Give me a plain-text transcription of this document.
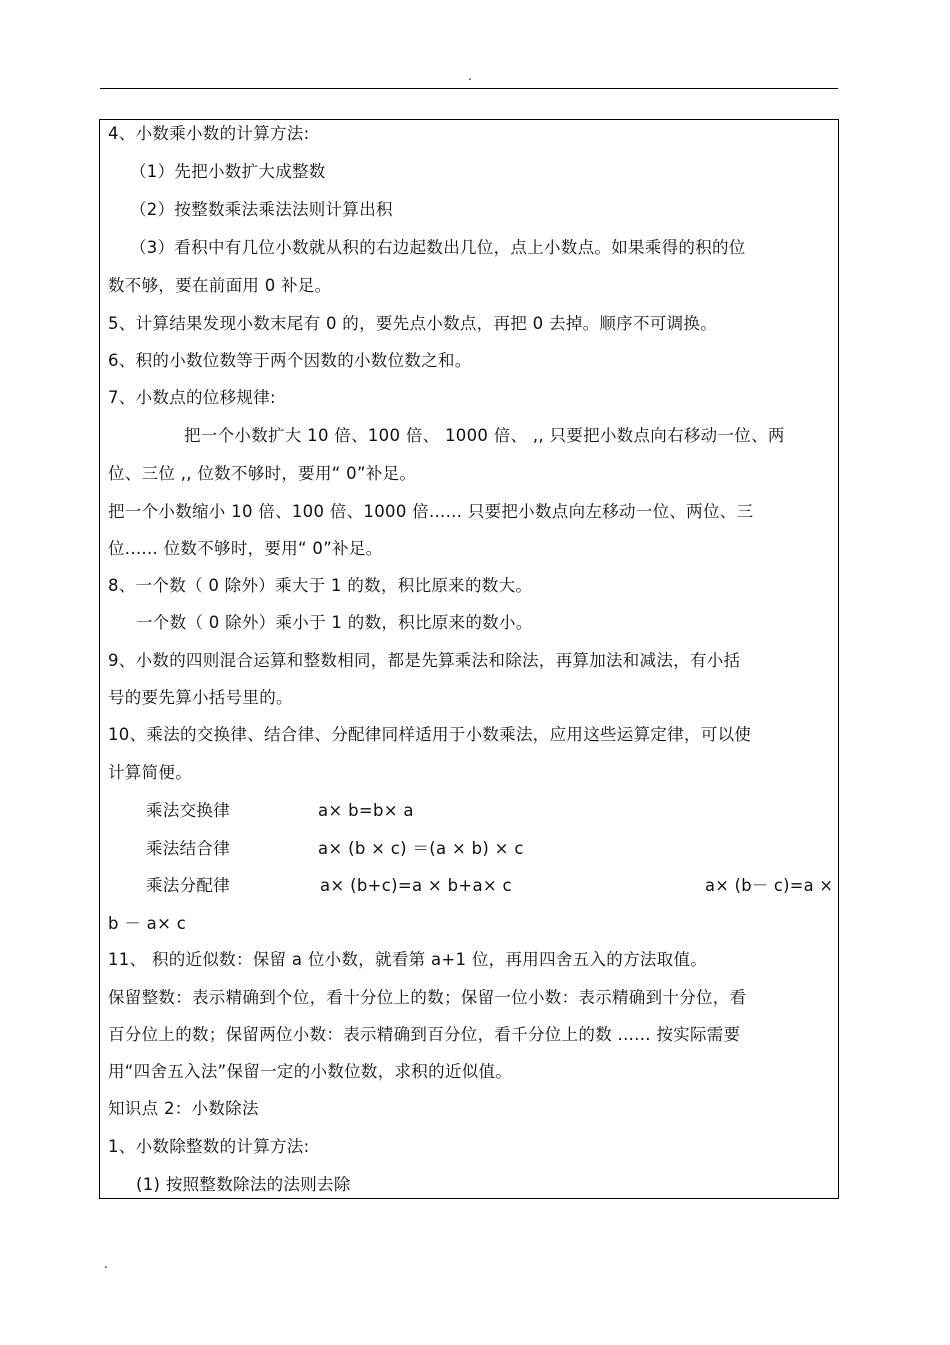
.
4、小数乘小数的计算方法:
（1）先把小数扩大成整数
（2）按整数乘法乘法法则计算出积
（3）看积中有几位小数就从积的右边起数出几位，点上小数点。如果乘得的积的位
数不够，要在前面用 0 补足。
5、计算结果发现小数末尾有 0 的，要先点小数点，再把 0 去掉。顺序不可调换。
6、积的小数位数等于两个因数的小数位数之和。
7、小数点的位移规律:
把一个小数扩大 10 倍、100 倍、 1000 倍、 ,, 只要把小数点向右移动一位、两
位、三位 ,, 位数不够时，要用“ 0”补足。
把一个小数缩小 10 倍、100 倍、1000 倍...... 只要把小数点向左移动一位、两位、三
位...... 位数不够时，要用“ 0”补足。
8、一个数（ 0 除外）乘大于 1 的数，积比原来的数大。
一个数（ 0 除外）乘小于 1 的数，积比原来的数小。
9、小数的四则混合运算和整数相同，都是先算乘法和除法，再算加法和减法，有小括
号的要先算小括号里的。
10、乘法的交换律、结合律、分配律同样适用于小数乘法，应用这些运算定律，可以使
计算简便。
乘法交换律	a× b=b× a
乘法结合律	a× (b × c) ＝(a × b) × c
乘法分配律	a× (b+c)=a × b+a× c	a× (b－ c)=a ×
b － a× c
11、 积的近似数：保留 a 位小数，就看第 a+1 位，再用四舍五入的方法取值。
保留整数：表示精确到个位，看十分位上的数；保留一位小数：表示精确到十分位，看
百分位上的数；保留两位小数：表示精确到百分位，看千分位上的数 ...... 按实际需要
用“四舍五入法”保留一定的小数位数，求积的近似值。
知识点 2：小数除法
1、小数除整数的计算方法:
(1) 按照整数除法的法则去除
.
